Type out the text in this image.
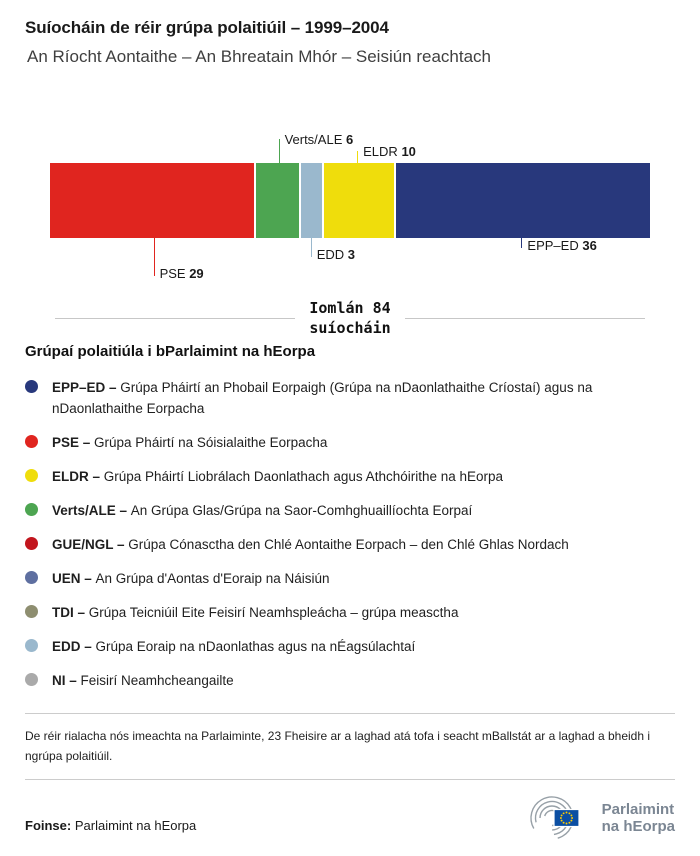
Suíocháin de réir grúpa polaitiúil – 1999–2004
An Ríocht Aontaithe – An Bhreatain Mhór – Seisiún reachtach
PSE 29
Verts/ALE 6
EDD 3
ELDR 10
EPP–ED 36
Iomlán 84
suíocháin
Grúpaí polaitiúla i bParlaimint na hEorpa
EPP–ED – Grúpa Pháirtí an Phobail Eorpaigh (Grúpa na nDaonlathaithe Críostaí) agus na nDaonlathaithe Eorpacha
PSE – Grúpa Pháirtí na Sóisialaithe Eorpacha
ELDR – Grúpa Pháirtí Liobrálach Daonlathach agus Athchóirithe na hEorpa
Verts/ALE – An Grúpa Glas/Grúpa na Saor-Comhghuaillíochta Eorpaí
GUE/NGL – Grúpa Cónasctha den Chlé Aontaithe Eorpach – den Chlé Ghlas Nordach
UEN – An Grúpa d'Aontas d'Eoraip na Náisiún
TDI – Grúpa Teicniúil Eite Feisirí Neamhspleácha – grúpa measctha
EDD – Grúpa Eoraip na nDaonlathas agus na nÉagsúlachtaí
NI – Feisirí Neamhcheangailte

De réir rialacha nós imeachta na Parlaiminte, 23 Fheisire ar a laghad atá tofa i seacht mBallstát ar a laghad a bheidh i ngrúpa polaitiúil.

Foinse: Parlaimint na hEorpa
Parlaimint
na hEorpa
